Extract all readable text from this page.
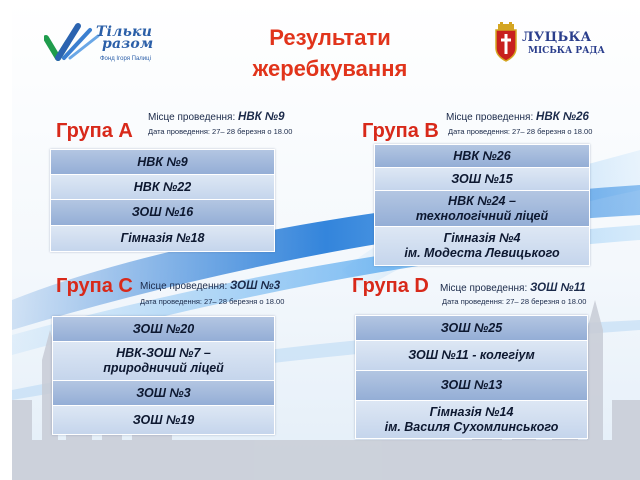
Тільки
разом
Фонд Ігоря Палиці
Результати
жеребкування
ЛУЦЬКА
МІСЬКА РАДА
Група А
Місце проведення: НВК №9
Дата проведення: 27– 28 березня о 18.00
НВК №9
НВК №22
ЗОШ №16
Гімназія №18
Група В
Місце проведення: НВК №26
Дата проведення: 27– 28 березня о 18.00
НВК №26
ЗОШ №15
НВК №24 –
технологічний ліцей
Гімназія №4
ім. Модеста Левицького
Група С Місце проведення: ЗОШ №3
Дата проведення: 27– 28 березня о 18.00
ЗОШ №20
НВК-ЗОШ №7 –
природничий ліцей
ЗОШ №3
ЗОШ №19
Група D Місце проведення: ЗОШ №11
Дата проведення: 27– 28 березня о 18.00
ЗОШ №25
ЗОШ №11 - колегіум
ЗОШ №13
Гімназія №14
ім. Василя Сухомлинського
